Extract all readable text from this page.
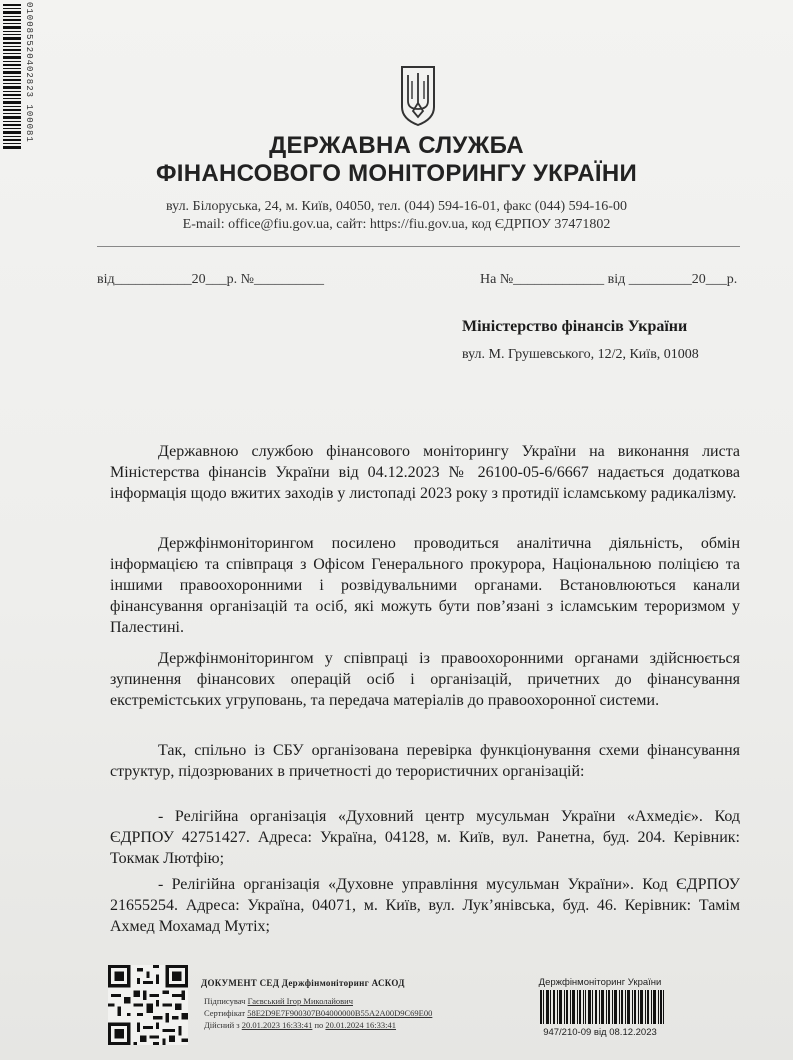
010085520402823 100081
ДЕРЖАВНА СЛУЖБА
ФІНАНСОВОГО МОНІТОРИНГУ УКРАЇНИ
вул. Білоруська, 24, м. Київ, 04050, тел. (044) 594-16-01, факс (044) 594-16-00
E-mail: office@fiu.gov.ua, сайт: https://fiu.gov.ua, код ЄДРПОУ 37471802
від___________20___р. №__________	На №_____________ від _________20___р.
Міністерство фінансів України
вул. М. Грушевського, 12/2, Київ, 01008

Державною службою фінансового моніторингу України на виконання листа Міністерства фінансів України від 04.12.2023 № 26100-05-6/6667 надається додаткова інформація щодо вжитих заходів у листопаді 2023 року з протидії ісламському радикалізму.

Держфінмоніторингом посилено проводиться аналітична діяльність, обмін інформацією та співпраця з Офісом Генерального прокурора, Національною поліцією та іншими правоохоронними і розвідувальними органами. Встановлюються канали фінансування організацій та осіб, які можуть бути пов’язані з ісламським тероризмом у Палестині.

Держфінмоніторингом у співпраці із правоохоронними органами здійснюється зупинення фінансових операцій осіб і організацій, причетних до фінансування екстремістських угруповань, та передача матеріалів до правоохоронної системи.

Так, спільно із СБУ організована перевірка функціонування схеми фінансування структур, підозрюваних в причетності до терористичних організацій:

- Релігійна організація «Духовний центр мусульман України «Ахмедіє». Код ЄДРПОУ 42751427. Адреса: Україна, 04128, м. Київ, вул. Ранетна, буд. 204. Керівник: Токмак Лютфію;

- Релігійна організація «Духовне управління мусульман України». Код ЄДРПОУ 21655254. Адреса: Україна, 04071, м. Київ, вул. Лук’янівська, буд. 46. Керівник: Тамім Ахмед Мохамад Мутіх;

ДОКУМЕНТ СЕД Держфінмоніторинг АСКОД
Підписувач Гаєвський Ігор Миколайович
Сертифікат 58E2D9E7F900307B04000000B55A2A00D9C69E00
Дійсний з 20.01.2023 16:33:41 по 20.01.2024 16:33:41
Держфінмоніторинг України
947/210-09 від 08.12.2023
